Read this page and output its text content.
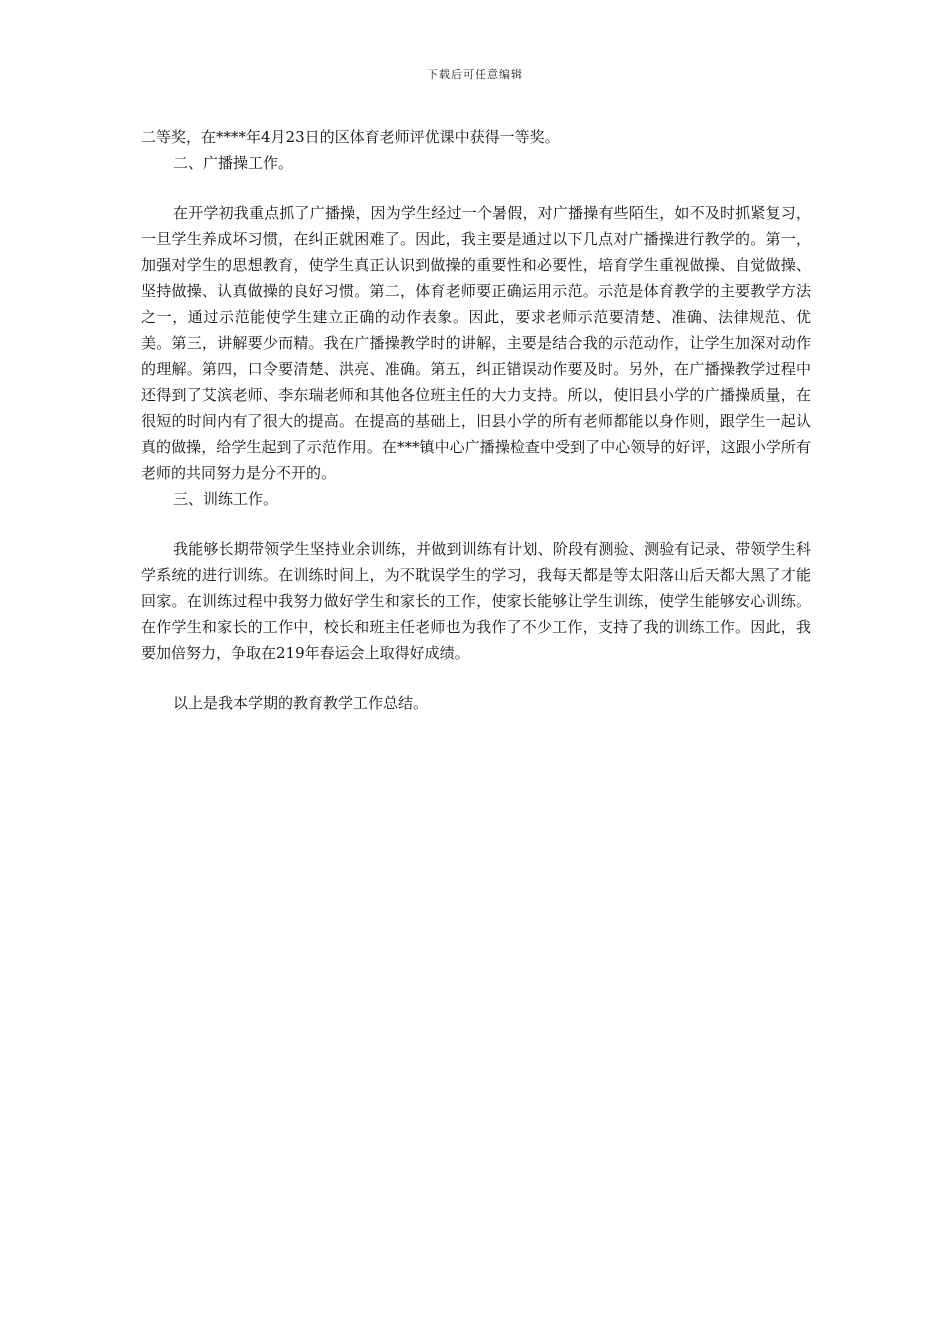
下载后可任意编辑

二等奖，在****年4月23日的区体育老师评优课中获得一等奖。

二、广播操工作。

在开学初我重点抓了广播操，因为学生经过一个暑假，对广播操有些陌生，如不及时抓紧复习，一旦学生养成坏习惯，在纠正就困难了。因此，我主要是通过以下几点对广播操进行教学的。第一，加强对学生的思想教育，使学生真正认识到做操的重要性和必要性，培育学生重视做操、自觉做操、坚持做操、认真做操的良好习惯。第二，体育老师要正确运用示范。示范是体育教学的主要教学方法之一，通过示范能使学生建立正确的动作表象。因此，要求老师示范要清楚、准确、法律规范、优美。第三，讲解要少而精。我在广播操教学时的讲解，主要是结合我的示范动作，让学生加深对动作的理解。第四，口令要清楚、洪亮、准确。第五，纠正错误动作要及时。另外，在广播操教学过程中还得到了艾滨老师、李东瑞老师和其他各位班主任的大力支持。所以，使旧县小学的广播操质量，在很短的时间内有了很大的提高。在提高的基础上，旧县小学的所有老师都能以身作则，跟学生一起认真的做操，给学生起到了示范作用。在***镇中心广播操检查中受到了中心领导的好评，这跟小学所有老师的共同努力是分不开的。

三、训练工作。

我能够长期带领学生坚持业余训练，并做到训练有计划、阶段有测验、测验有记录、带领学生科学系统的进行训练。在训练时间上，为不耽误学生的学习，我每天都是等太阳落山后天都大黑了才能回家。在训练过程中我努力做好学生和家长的工作，使家长能够让学生训练，使学生能够安心训练。在作学生和家长的工作中，校长和班主任老师也为我作了不少工作，支持了我的训练工作。因此，我要加倍努力，争取在219年春运会上取得好成绩。

以上是我本学期的教育教学工作总结。
